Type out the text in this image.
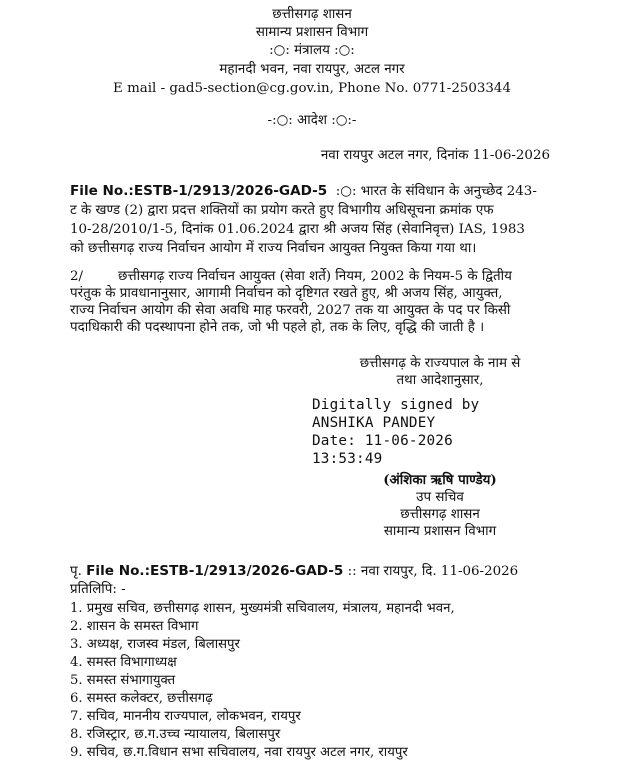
छत्तीसगढ़ शासन
सामान्य प्रशासन विभाग
:○: मंत्रालय :○:
महानदी भवन, नवा रायपुर, अटल नगर
E mail - gad5-section@cg.gov.in, Phone No. 0771-2503344
-:○: आदेश :○:-
नवा रायपुर अटल नगर, दिनांक 11-06-2026
File No.:ESTB-1/2913/2026-GAD-5 :○: भारत के संविधान के अनुच्छेद 243-
ट के खण्ड (2) द्वारा प्रदत्त शक्तियों का प्रयोग करते हुए विभागीय अधिसूचना क्रमांक एफ
10-28/2010/1-5, दिनांक 01.06.2024 द्वारा श्री अजय सिंह (सेवानिवृत्त) IAS, 1983
को छत्तीसगढ़ राज्य निर्वाचन आयोग में राज्य निर्वाचन आयुक्त नियुक्त किया गया था।
2/	छत्तीसगढ़ राज्य निर्वाचन आयुक्त (सेवा शर्ते) नियम, 2002 के नियम-5 के द्वितीय
परंतुक के प्रावधानानुसार, आगामी निर्वाचन को दृष्टिगत रखते हुए, श्री अजय सिंह, आयुक्त,
राज्य निर्वाचन आयोग की सेवा अवधि माह फरवरी, 2027 तक या आयुक्त के पद पर किसी
पदाधिकारी की पदस्थापना होने तक, जो भी पहले हो, तक के लिए, वृद्धि की जाती है ।
छत्तीसगढ़ के राज्यपाल के नाम से
तथा आदेशानुसार,
Digitally signed by
ANSHIKA PANDEY
Date: 11-06-2026
13:53:49
(अंशिका ऋषि पाण्डेय)
उप सचिव
छत्तीसगढ़ शासन
सामान्य प्रशासन विभाग
पृ. File No.:ESTB-1/2913/2026-GAD-5 :: नवा रायपुर, दि. 11-06-2026
प्रतिलिपि: -
1. प्रमुख सचिव, छत्तीसगढ़ शासन, मुख्यमंत्री सचिवालय, मंत्रालय, महानदी भवन,
2. शासन के समस्त विभाग
3. अध्यक्ष, राजस्व मंडल, बिलासपुर
4. समस्त विभागाध्यक्ष
5. समस्त संभागायुक्त
6. समस्त कलेक्टर, छत्तीसगढ़
7. सचिव, माननीय राज्यपाल, लोकभवन, रायपुर
8. रजिस्ट्रार, छ.ग.उच्च न्यायालय, बिलासपुर
9. सचिव, छ.ग.विधान सभा सचिवालय, नवा रायपुर अटल नगर, रायपुर
